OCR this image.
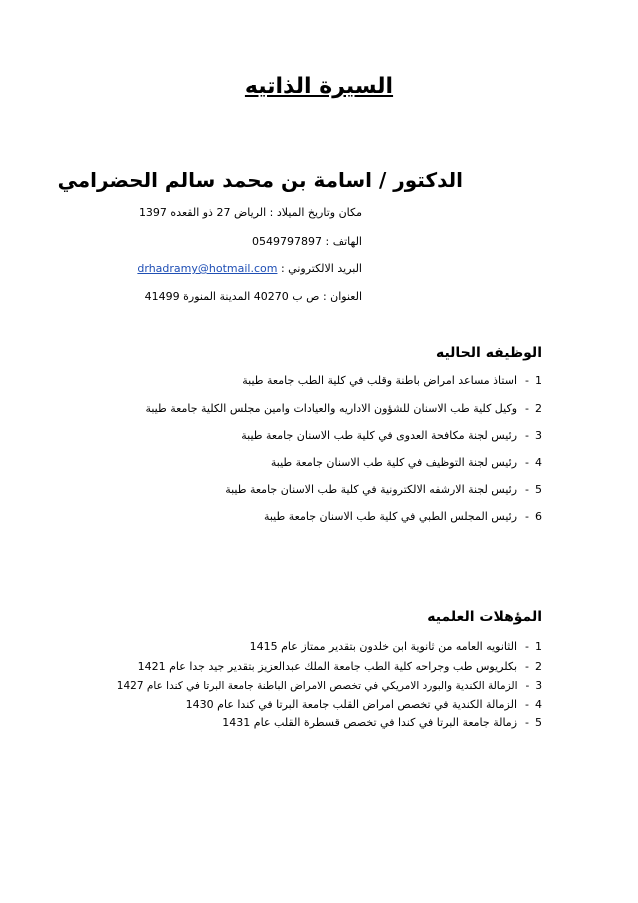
السيرة الذاتيه
الدكتور / اسامة بن محمد سالم الحضرامي
مكان وتاريخ الميلاد : الرياض 27 ذو القعده 1397
الهاتف : 0549797897
البريد الالكتروني : drhadramy@hotmail.com
العنوان : ص ب 40270 المدينة المنورة 41499
الوظيفه الحاليه
1-استاذ مساعد امراض باطنة وقلب في كلية الطب جامعة طيبة
2-وكيل كلية طب الاسنان للشؤون الاداريه والعيادات وامين مجلس الكلية جامعة طيبة
3-رئيس لجنة مكافحة العدوى في كلية طب الاسنان جامعة طيبة
4-رئيس لجنة التوظيف في كلية طب الاسنان جامعة طيبة
5-رئيس لجنة الارشفه الالكترونية في كلية طب الاسنان جامعة طيبة
6-رئيس المجلس الطبي في كلية طب الاسنان جامعة طيبة
المؤهلات العلميه
1-الثانويه العامه من ثانوية ابن خلدون بتقدير ممتاز عام 1415
2-بكلريوس طب وجراحه كلية الطب جامعة الملك عبدالعزيز بتقدير جيد جدا عام 1421
3-الزمالة الكندية والبورد الامريكي في تخصص الامراض الباطنة جامعة البرتا في كندا عام 1427
4-الزمالة الكندية في تخصص امراض القلب جامعة البرتا في كندا عام 1430
5-زمالة جامعة البرتا في كندا في تخصص قسطرة القلب عام 1431
